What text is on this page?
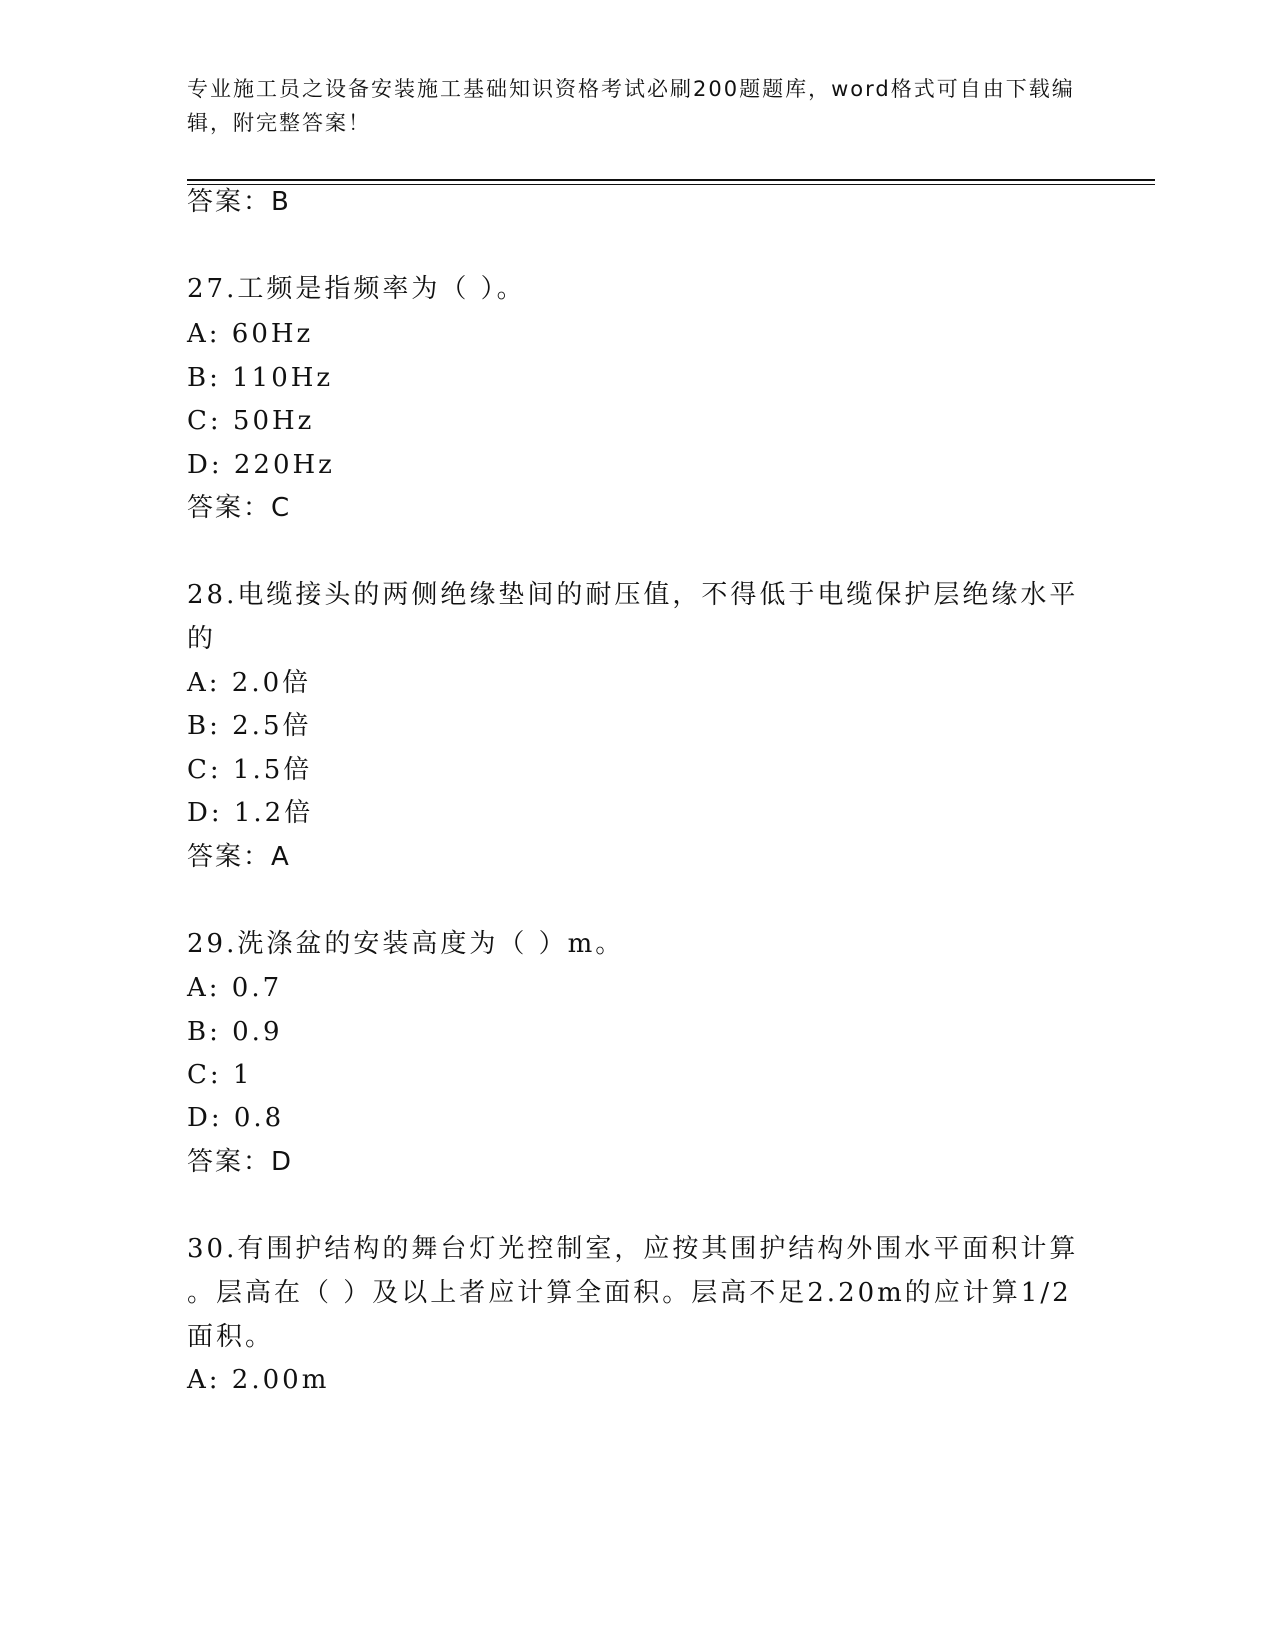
专业施工员之设备安装施工基础知识资格考试必刷200题题库，word格式可自由下载编辑，附完整答案！
答案：B
27.工频是指频率为（ ）。
A: 60Hz
B: 110Hz
C: 50Hz
D: 220Hz
答案：C
28.电缆接头的两侧绝缘垫间的耐压值，不得低于电缆保护层绝缘水平
的
A: 2.0倍
B: 2.5倍
C: 1.5倍
D: 1.2倍
答案：A
29.洗涤盆的安装高度为（ ）m。
A: 0.7
B: 0.9
C: 1
D: 0.8
答案：D
30.有围护结构的舞台灯光控制室，应按其围护结构外围水平面积计算
。层高在（ ）及以上者应计算全面积。层高不足2.20m的应计算1/2
面积。
A: 2.00m
